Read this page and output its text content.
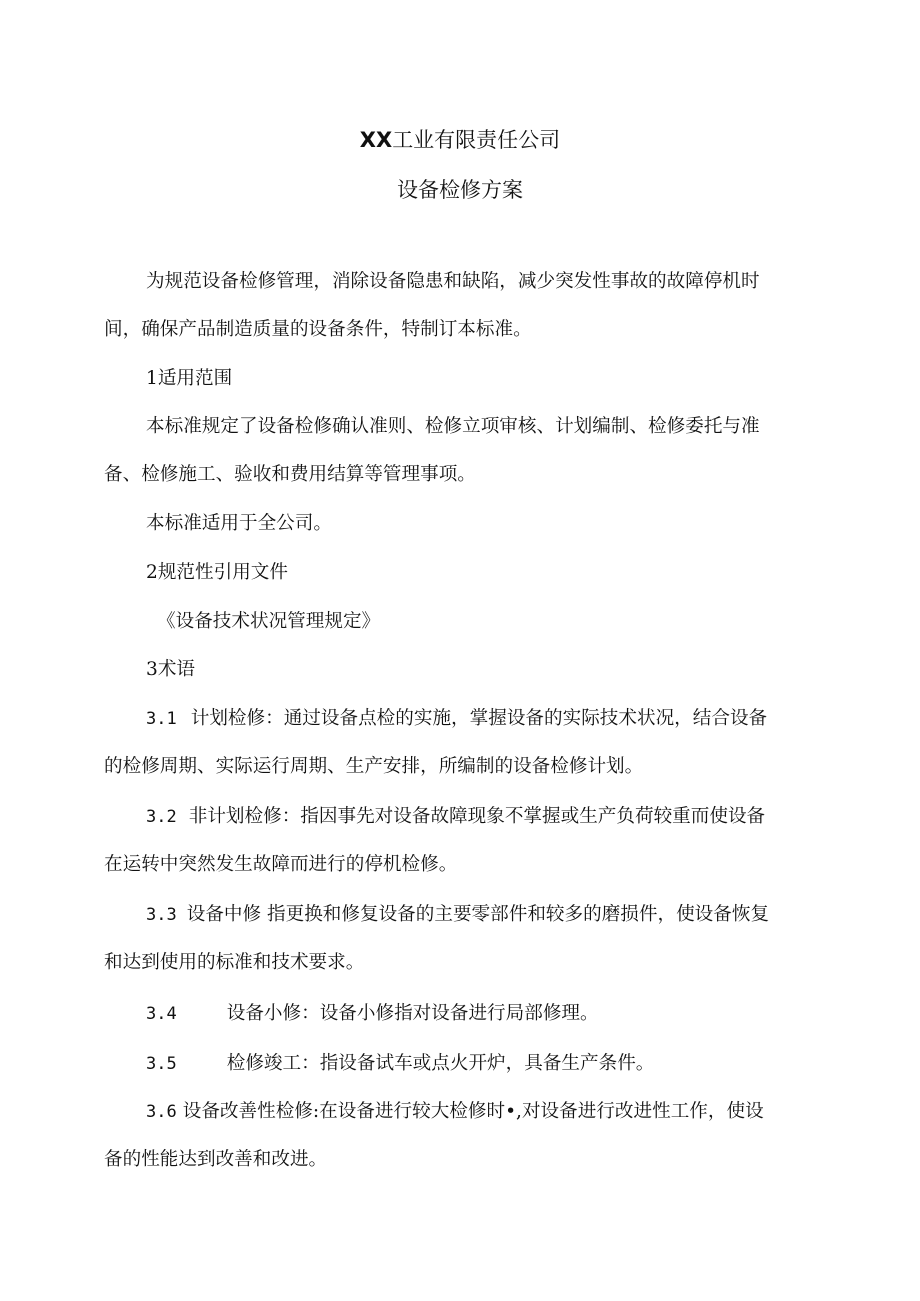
XX工业有限责任公司
设备检修方案

为规范设备检修管理，消除设备隐患和缺陷，减少突发性事故的故障停机时

间，确保产品制造质量的设备条件，特制订本标准。

1适用范围

本标准规定了设备检修确认准则、检修立项审核、计划编制、检修委托与准

备、检修施工、验收和费用结算等管理事项。

本标准适用于全公司。

2规范性引用文件

《设备技术状况管理规定》

3术语

3.1 计划检修：通过设备点检的实施，掌握设备的实际技术状况，结合设备

的检修周期、实际运行周期、生产安排，所编制的设备检修计划。

3.2 非计划检修：指因事先对设备故障现象不掌握或生产负荷较重而使设备

在运转中突然发生故障而进行的停机检修。

3.3 设备中修 指更换和修复设备的主要零部件和较多的磨损件，使设备恢复

和达到使用的标准和技术要求。

3.4	设备小修：设备小修指对设备进行局部修理。

3.5	检修竣工：指设备试车或点火开炉，具备生产条件。

3.6 设备改善性检修:在设备进行较大检修时•,对设备进行改进性工作，使设

备的性能达到改善和改进。
